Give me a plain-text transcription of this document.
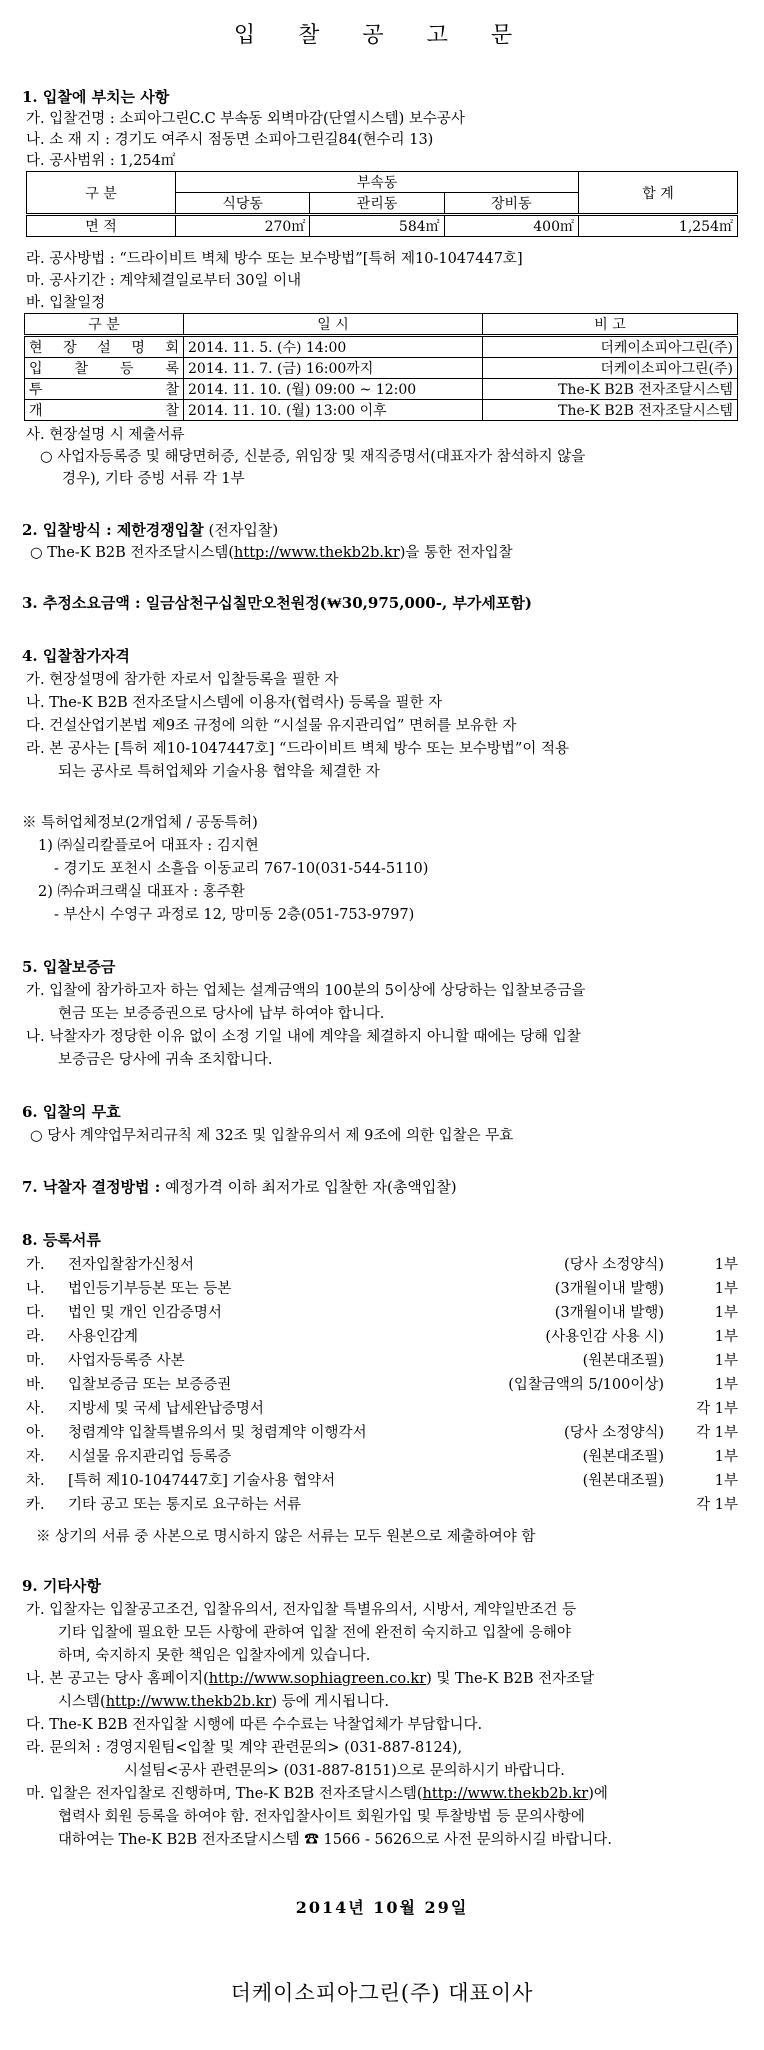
입 찰 공 고 문
1. 입찰에 부치는 사항
가. 입찰건명 : 소피아그린C.C 부속동 외벽마감(단열시스템) 보수공사
나. 소 재 지 : 경기도 여주시 점동면 소피아그린길84(현수리 13)
다. 공사범위 : 1,254㎡
구 분	부속동			합 계
	식당동	관리동	장비동	
면 적	270㎡	584㎡	400㎡	1,254㎡
라. 공사방법 : “드라이비트 벽체 방수 또는 보수방법”[특허 제10-1047447호]
마. 공사기간 : 계약체결일로부터 30일 이내
바. 입찰일정
구 분	일 시	비 고
현 장 설 명 회	2014. 11. 5. (수) 14:00	더케이소피아그린(주)
입 찰 등 록	2014. 11. 7. (금) 16:00까지	더케이소피아그린(주)
투 찰	2014. 11. 10. (월) 09:00 ~ 12:00	The-K B2B 전자조달시스템
개 찰	2014. 11. 10. (월) 13:00 이후	The-K B2B 전자조달시스템
사. 현장설명 시 제출서류
○ 사업자등록증 및 해당면허증, 신분증, 위임장 및 재직증명서(대표자가 참석하지 않을
경우), 기타 증빙 서류 각 1부
2. 입찰방식 : 제한경쟁입찰 (전자입찰)
○ The-K B2B 전자조달시스템(http://www.thekb2b.kr)을 통한 전자입찰
3. 추정소요금액 : 일금삼천구십칠만오천원정(₩30,975,000-, 부가세포함)
4. 입찰참가자격
가. 현장설명에 참가한 자로서 입찰등록을 필한 자
나. The-K B2B 전자조달시스템에 이용자(협력사) 등록을 필한 자
다. 건설산업기본법 제9조 규정에 의한 “시설물 유지관리업” 면허를 보유한 자
라. 본 공사는 [특허 제10-1047447호] “드라이비트 벽체 방수 또는 보수방법”이 적용
되는 공사로 특허업체와 기술사용 협약을 체결한 자
※ 특허업체정보(2개업체 / 공동특허)
1) ㈜실리칼플로어 대표자 : 김지현
- 경기도 포천시 소흘읍 이동교리 767-10(031-544-5110)
2) ㈜슈퍼크랙실 대표자 : 홍주환
- 부산시 수영구 과정로 12, 망미동 2층(051-753-9797)
5. 입찰보증금
가. 입찰에 참가하고자 하는 업체는 설계금액의 100분의 5이상에 상당하는 입찰보증금을
현금 또는 보증증권으로 당사에 납부 하여야 합니다.
나. 낙찰자가 정당한 이유 없이 소정 기일 내에 계약을 체결하지 아니할 때에는 당해 입찰
보증금은 당사에 귀속 조치합니다.
6. 입찰의 무효
○ 당사 계약업무처리규칙 제 32조 및 입찰유의서 제 9조에 의한 입찰은 무효
7. 낙찰자 결정방법 : 예정가격 이하 최저가로 입찰한 자(총액입찰)
8. 등록서류
가. 전자입찰참가신청서	(당사 소정양식)	1부
나. 법인등기부등본 또는 등본	(3개월이내 발행)	1부
다. 법인 및 개인 인감증명서	(3개월이내 발행)	1부
라. 사용인감계	(사용인감 사용 시)	1부
마. 사업자등록증 사본	(원본대조필)	1부
바. 입찰보증금 또는 보증증권	(입찰금액의 5/100이상)	1부
사. 지방세 및 국세 납세완납증명서	각 1부
아. 청렴계약 입찰특별유의서 및 청렴계약 이행각서	(당사 소정양식) 각 1부
자. 시설물 유지관리업 등록증	(원본대조필)	1부
차. [특허 제10-1047447호] 기술사용 협약서	(원본대조필)	1부
카. 기타 공고 또는 통지로 요구하는 서류	각 1부
※ 상기의 서류 중 사본으로 명시하지 않은 서류는 모두 원본으로 제출하여야 함
9. 기타사항
가. 입찰자는 입찰공고조건, 입찰유의서, 전자입찰 특별유의서, 시방서, 계약일반조건 등
기타 입찰에 필요한 모든 사항에 관하여 입찰 전에 완전히 숙지하고 입찰에 응해야
하며, 숙지하지 못한 책임은 입찰자에게 있습니다.
나. 본 공고는 당사 홈페이지(http://www.sophiagreen.co.kr) 및 The-K B2B 전자조달
시스템(http://www.thekb2b.kr) 등에 게시됩니다.
다. The-K B2B 전자입찰 시행에 따른 수수료는 낙찰업체가 부담합니다.
라. 문의처 : 경영지원팀<입찰 및 계약 관련문의> (031-887-8124),
시설팀<공사 관련문의> (031-887-8151)으로 문의하시기 바랍니다.
마. 입찰은 전자입찰로 진행하며, The-K B2B 전자조달시스템(http://www.thekb2b.kr)에
협력사 회원 등록을 하여야 함. 전자입찰사이트 회원가입 및 투찰방법 등 문의사항에
대하여는 The-K B2B 전자조달시스템 ☎ 1566 - 5626으로 사전 문의하시길 바랍니다.
2014년 10월 29일
더케이소피아그린(주) 대표이사
